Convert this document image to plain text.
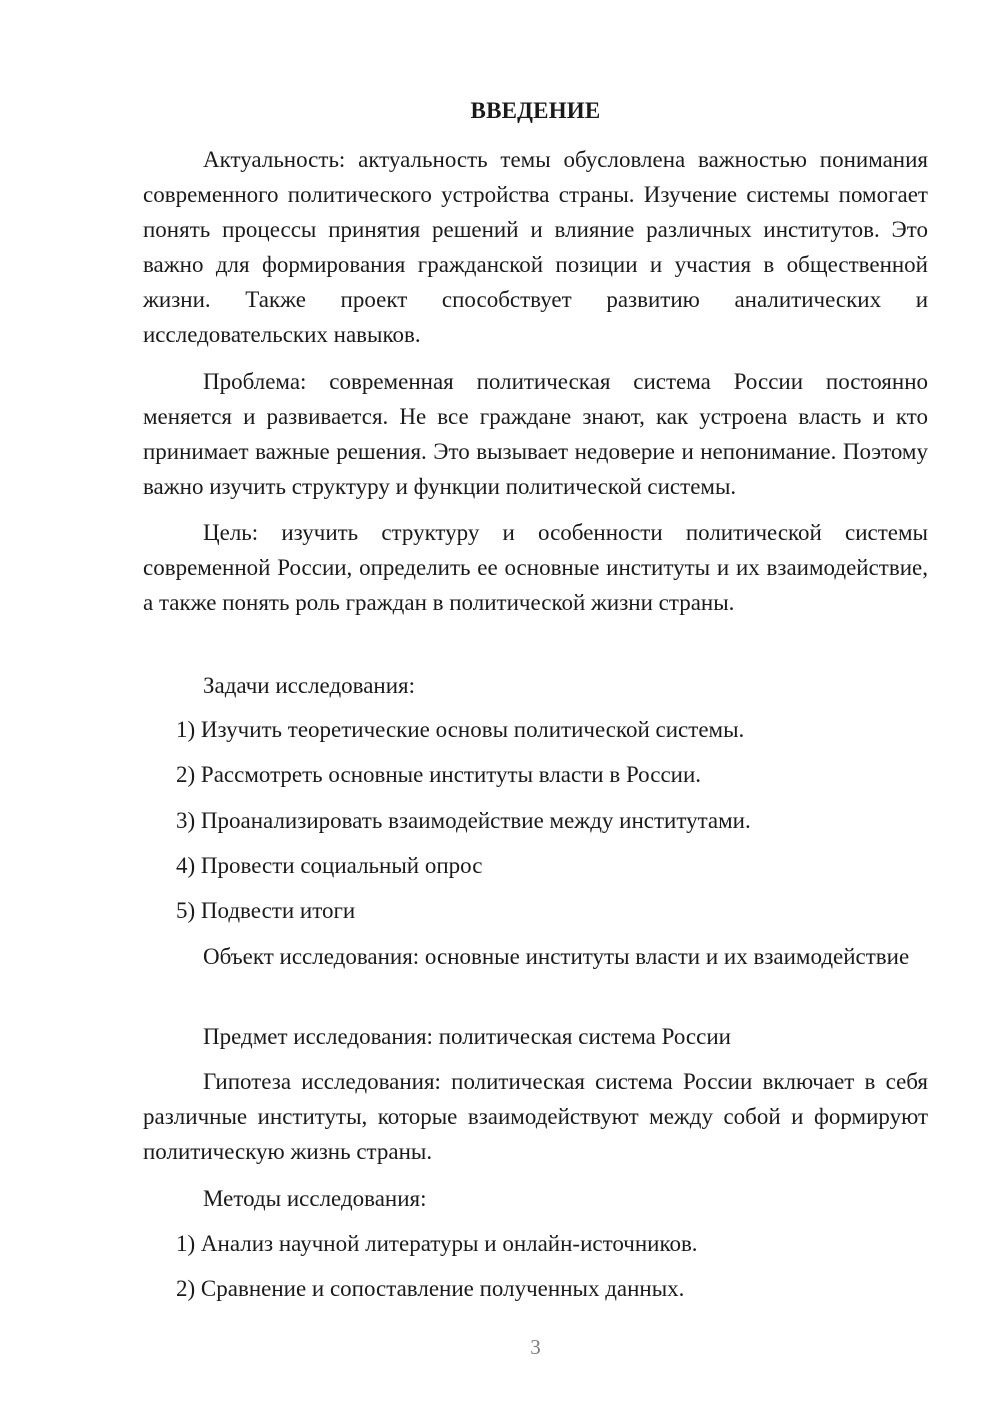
ВВЕДЕНИЕ
Актуальность: актуальность темы обусловлена важностью понимания современного политического устройства страны. Изучение системы помогает понять процессы принятия решений и влияние различных институтов. Это важно для формирования гражданской позиции и участия в общественной жизни. Также проект способствует развитию аналитических и исследовательских навыков.
Проблема: современная политическая система России постоянно меняется и развивается. Не все граждане знают, как устроена власть и кто принимает важные решения. Это вызывает недоверие и непонимание. Поэтому важно изучить структуру и функции политической системы.
Цель: изучить структуру и особенности политической системы современной России, определить ее основные институты и их взаимодействие, а также понять роль граждан в политической жизни страны.
Задачи исследования:
1) Изучить теоретические основы политической системы.
2) Рассмотреть основные институты власти в России.
3) Проанализировать взаимодействие между институтами.
4) Провести социальный опрос
5) Подвести итоги
Объект исследования: основные институты власти и их взаимодействие
Предмет исследования: политическая система России
Гипотеза исследования: политическая система России включает в себя различные институты, которые взаимодействуют между собой и формируют политическую жизнь страны.
Методы исследования:
1) Анализ научной литературы и онлайн-источников.
2) Сравнение и сопоставление полученных данных.
3
